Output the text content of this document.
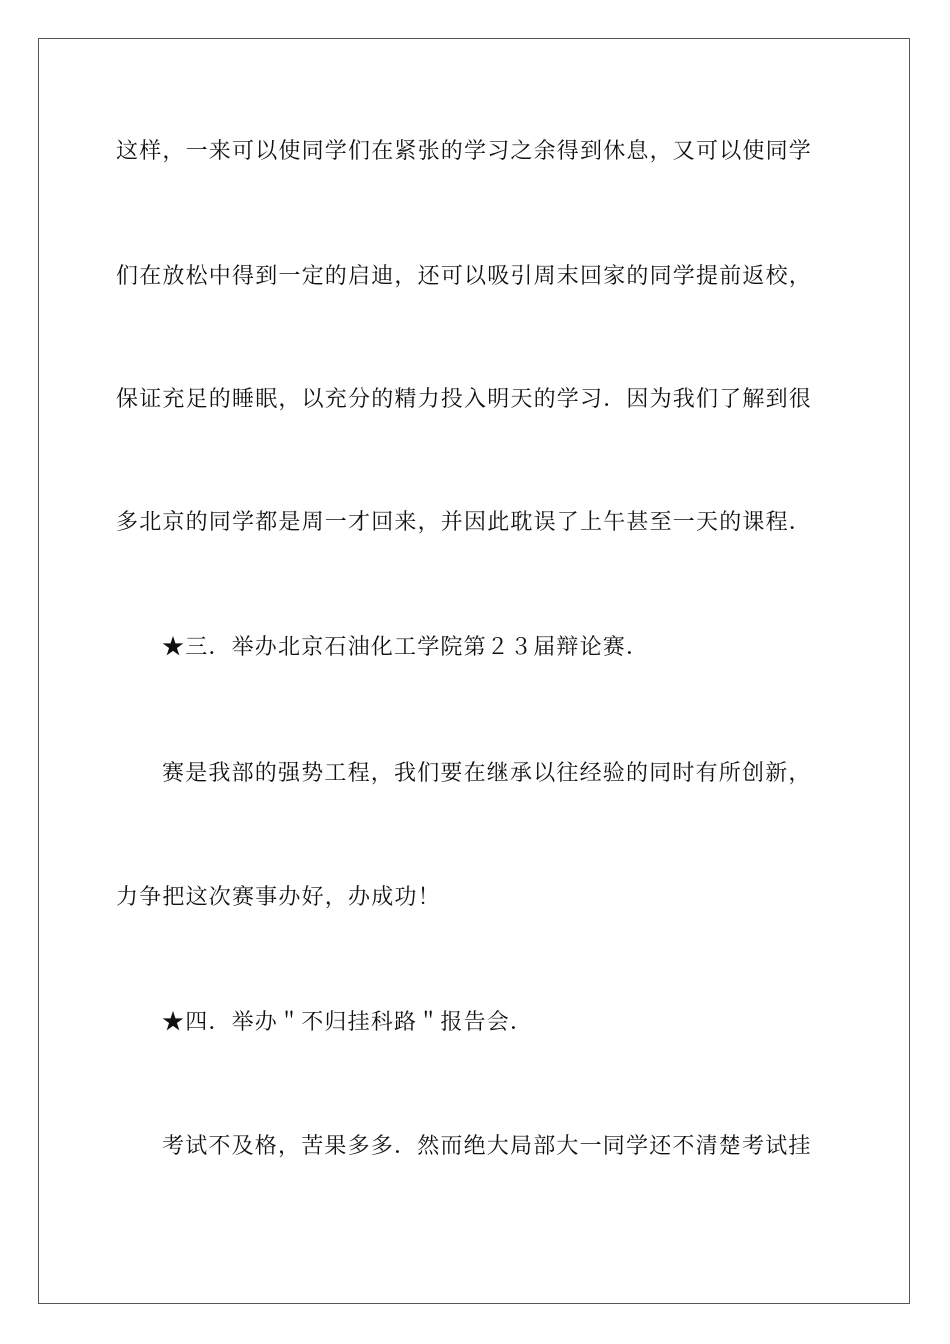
这样，一来可以使同学们在紧张的学习之余得到休息，又可以使同学
们在放松中得到一定的启迪，还可以吸引周末回家的同学提前返校，
保证充足的睡眠，以充分的精力投入明天的学习．因为我们了解到很
多北京的同学都是周一才回来，并因此耽误了上午甚至一天的课程．
★三．举办北京石油化工学院第２３届辩论赛．
赛是我部的强势工程，我们要在继承以往经验的同时有所创新，
力争把这次赛事办好，办成功！
★四．举办＂不归挂科路＂报告会．
考试不及格，苦果多多．然而绝大局部大一同学还不清楚考试挂
